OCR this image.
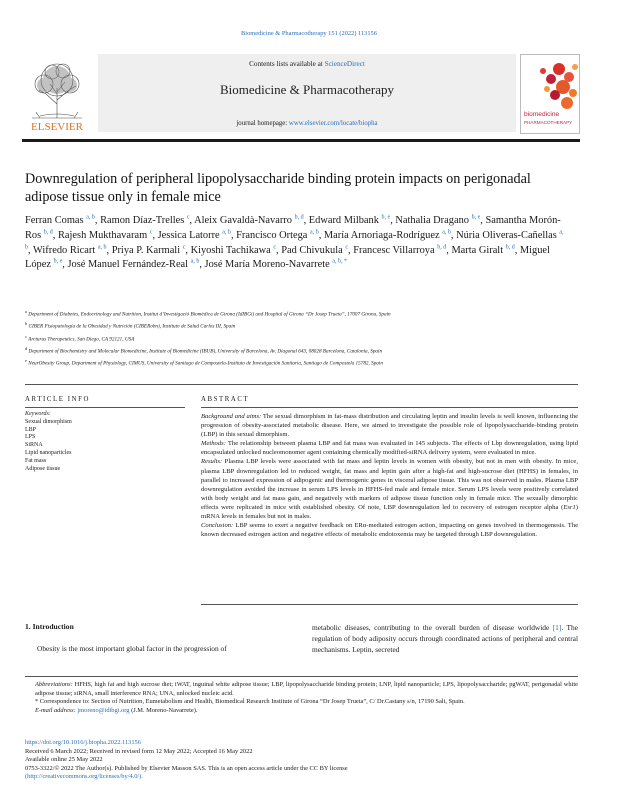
Biomedicine & Pharmacotherapy 151 (2022) 113156
ELSEVIER
Contents lists available at ScienceDirect
Biomedicine & Pharmacotherapy
journal homepage: www.elsevier.com/locate/biopha
biomedicine
PHARMACOTHERAPY
Downregulation of peripheral lipopolysaccharide binding protein impacts on perigonadal adipose tissue only in female mice
Ferran Comas $^{a, b}$, Ramon Díaz-Trelles $^c$, Aleix Gavaldà-Navarro $^{b, d}$, Edward Milbank $^{b, e}$, Nathalia Dragano $^{b, e}$, Samantha Morón-Ros $^{b, d}$, Rajesh Mukthavaram $^c$, Jessica Latorre $^{a, b}$, Francisco Ortega $^{a, b}$, María Arnoriaga-Rodríguez $^{a, b}$, Núria Oliveras-Cañellas $^{a, b}$, Wifredo Ricart $^{a, b}$, Priya P. Karmali $^c$, Kiyoshi Tachikawa $^c$, Pad Chivukula $^c$, Francesc Villarroya $^{b, d}$, Marta Giralt $^{b, d}$, Miguel López $^{b, e}$, José Manuel Fernández-Real $^{a, b}$, José María Moreno-Navarrete $^{a, b, *}$
$^a$ Department of Diabetes, Endocrinology and Nutrition, Institut d’Investigació Biomèdica de Girona (IdIBGi) and Hospital of Girona “Dr Josep Trueta”, 17007 Girona, Spain
$^b$ CIBER Fisiopatología de la Obesidad y Nutrición (CIBERobn), Instituto de Salud Carlos III, Spain
$^c$ Arcturus Therapeutics, San Diego, CA 92121, USA
$^d$ Department of Biochemistry and Molecular Biomedicine, Institute of Biomedicine (IBUB), University of Barcelona, Av. Diagonal 643, 08028 Barcelona, Catalonia, Spain
$^e$ NeurObesity Group, Department of Physiology, CIMUS, University of Santiago de Compostela-Instituto de Investigación Sanitaria, Santiago de Compostela 15782, Spain
ARTICLE INFO	ABSTRACT
Keywords:
Sexual dimorphism
LBP
LPS
SiRNA
Lipid nanoparticles
Fat mass
Adipose tissue

Background and aims: The sexual dimorphism in fat-mass distribution and circulating leptin and insulin levels is well known, influencing the progression of obesity-associated metabolic disease. Here, we aimed to investigate the possible role of lipopolysaccharide-binding protein (LBP) in this sexual dimorphism.

Methods: The relationship between plasma LBP and fat mass was evaluated in 145 subjects. The effects of Lbp downregulation, using lipid encapsulated unlocked nucleomonomer agent containing chemically modified-siRNA delivery system, were evaluated in mice.

Results: Plasma LBP levels were associated with fat mass and leptin levels in women with obesity, but not in men with obesity. In mice, plasma LBP downregulation led to reduced weight, fat mass and leptin gain after a high-fat and high-sucrose diet (HFHS) in females, in parallel to increased expression of adipogenic and thermogenic genes in visceral adipose tissue. This was not observed in males. Plasma LBP downregulation avoided the increase in serum LPS levels in HFHS-fed male and female mice. Serum LPS levels were positively correlated with body weight and fat mass gain, and negatively with markers of adipose tissue function only in female mice. The sexually dimorphic effects were replicated in mice with established obesity. Of note, LBP downregulation led to recovery of estrogen receptor alpha (Esr1) mRNA levels in females but not in males.

Conclusion: LBP seems to exert a negative feedback on ERα-mediated estrogen action, impacting on genes involved in thermogenesis. The known decreased estrogen action and negative effects of metabolic endotoxemia may be targeted through LBP downregulation.

1. Introduction
Obesity is the most important global factor in the progression of
metabolic diseases, contributing to the overall burden of disease worldwide [1]. The regulation of body adiposity occurs through coordinated actions of peripheral and central mechanisms. Leptin, secreted

Abbreviations: HFHS, high fat and high sucrose diet; iWAT, inguinal white adipose tissue; LBP, lipopolysaccharide binding protein; LNP, lipid nanoparticle; LPS, lipopolysaccharide; pgWAT, perigonadal white adipose tissue; siRNA, small interference RNA; UNA, unlocked nucleic acid.

* Correspondence to: Section of Nutrition, Eumetabolism and Health, Biomedical Research Institute of Girona “Dr Josep Trueta”, C/ Dr.Castany s/n, 17190 Salt, Spain.

E-mail address: jmoreno@idibgi.org (J.M. Moreno-Navarrete).

https://doi.org/10.1016/j.biopha.2022.113156

Received 6 March 2022; Received in revised form 12 May 2022; Accepted 16 May 2022

Available online 25 May 2022

0753-3322/© 2022 The Author(s). Published by Elsevier Masson SAS. This is an open access article under the CC BY license

(http://creativecommons.org/licenses/by/4.0/).
